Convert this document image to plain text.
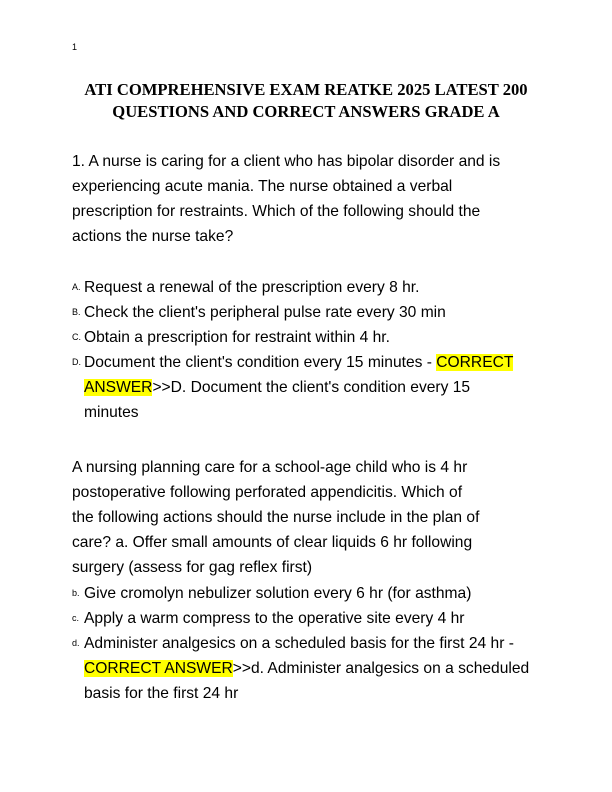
1
ATI COMPREHENSIVE EXAM REATKE 2025 LATEST 200
QUESTIONS AND CORRECT ANSWERS GRADE A

1. A nurse is caring for a client who has bipolar disorder and is

experiencing acute mania. The nurse obtained a verbal

prescription for restraints. Which of the following should the

actions the nurse take?

A. Request a renewal of the prescription every 8 hr.
B. Check the client's peripheral pulse rate every 30 min
C. Obtain a prescription for restraint within 4 hr.
D. Document the client's condition every 15 minutes - CORRECT
ANSWER>>D. Document the client's condition every 15
minutes

A nursing planning care for a school-age child who is 4 hr

postoperative following perforated appendicitis. Which of

the following actions should the nurse include in the plan of

care? a. Offer small amounts of clear liquids 6 hr following

surgery (assess for gag reflex first)

b. Give cromolyn nebulizer solution every 6 hr (for asthma)
c. Apply a warm compress to the operative site every 4 hr
d. Administer analgesics on a scheduled basis for the first 24 hr -
CORRECT ANSWER>>d. Administer analgesics on a scheduled
basis for the first 24 hr
